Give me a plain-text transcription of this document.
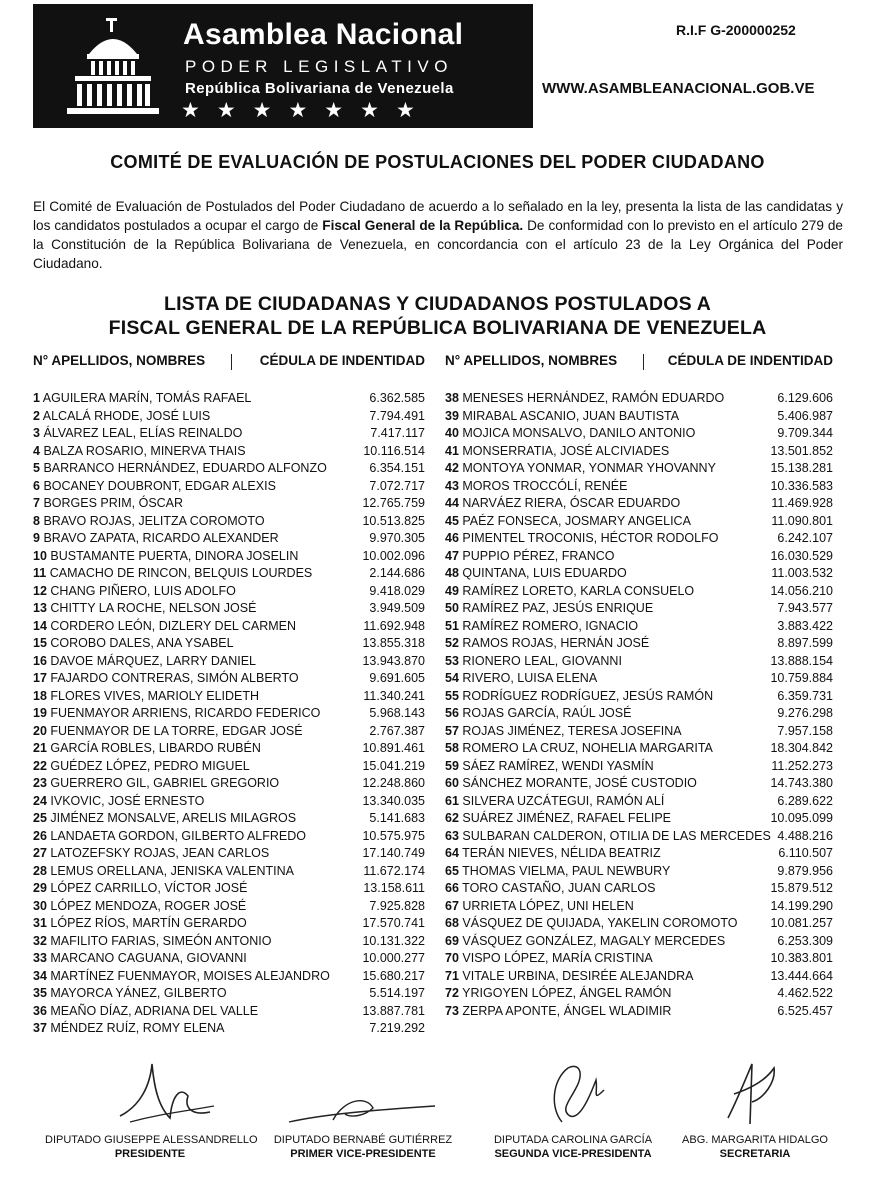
Asamblea Nacional
PODER LEGISLATIVO
República Bolivariana de Venezuela
★★★★★★★
R.I.F G-200000252
WWW.ASAMBLEANACIONAL.GOB.VE
COMITÉ DE EVALUACIÓN DE POSTULACIONES DEL PODER CIUDADANO

El Comité de Evaluación de Postulados del Poder Ciudadano de acuerdo a lo señalado en la ley, presenta la lista de las candidatas y los candidatos postulados a ocupar el cargo de Fiscal General de la República. De conformidad con lo previsto en el artículo 279 de la Constitución de la República Bolivariana de Venezuela, en concordancia con el artículo 23 de la Ley Orgánica del Poder Ciudadano.

LISTA DE CIUDADANAS Y CIUDADANOS POSTULADOS A
FISCAL GENERAL DE LA REPÚBLICA BOLIVARIANA DE VENEZUELA
N° APELLIDOS, NOMBRES	CÉDULA DE INDENTIDAD N° APELLIDOS, NOMBRES	CÉDULA DE INDENTIDAD
1 AGUILERA MARÍN, TOMÁS RAFAEL	6.362.585
2 ALCALÁ RHODE, JOSÉ LUIS	7.794.491
3 ÁLVAREZ LEAL, ELÍAS REINALDO	7.417.117
4 BALZA ROSARIO, MINERVA THAIS	10.116.514
5 BARRANCO HERNÁNDEZ, EDUARDO ALFONZO	6.354.151
6 BOCANEY DOUBRONT, EDGAR ALEXIS	7.072.717
7 BORGES PRIM, ÓSCAR	12.765.759
8 BRAVO ROJAS, JELITZA COROMOTO	10.513.825
9 BRAVO ZAPATA, RICARDO ALEXANDER	9.970.305
10 BUSTAMANTE PUERTA, DINORA JOSELIN	10.002.096
11 CAMACHO DE RINCON, BELQUIS LOURDES	2.144.686
12 CHANG PIÑERO, LUIS ADOLFO	9.418.029
13 CHITTY LA ROCHE, NELSON JOSÉ	3.949.509
14 CORDERO LEÓN, DIZLERY DEL CARMEN	11.692.948
15 COROBO DALES, ANA YSABEL	13.855.318
16 DAVOE MÁRQUEZ, LARRY DANIEL	13.943.870
17 FAJARDO CONTRERAS, SIMÓN ALBERTO	9.691.605
18 FLORES VIVES, MARIOLY ELIDETH	11.340.241
19 FUENMAYOR ARRIENS, RICARDO FEDERICO	5.968.143
20 FUENMAYOR DE LA TORRE, EDGAR JOSÉ	2.767.387
21 GARCÍA ROBLES, LIBARDO RUBÉN	10.891.461
22 GUÉDEZ LÓPEZ, PEDRO MIGUEL	15.041.219
23 GUERRERO GIL, GABRIEL GREGORIO	12.248.860
24 IVKOVIC, JOSÉ ERNESTO	13.340.035
25 JIMÉNEZ MONSALVE, ARELIS MILAGROS	5.141.683
26 LANDAETA GORDON, GILBERTO ALFREDO	10.575.975
27 LATOZEFSKY ROJAS, JEAN CARLOS	17.140.749
28 LEMUS ORELLANA, JENISKA VALENTINA	11.672.174
29 LÓPEZ CARRILLO, VÍCTOR JOSÉ	13.158.611
30 LÓPEZ MENDOZA, ROGER JOSÉ	7.925.828
31 LÓPEZ RÍOS, MARTÍN GERARDO	17.570.741
32 MAFILITO FARIAS, SIMEÓN ANTONIO	10.131.322
33 MARCANO CAGUANA, GIOVANNI	10.000.277
34 MARTÍNEZ FUENMAYOR, MOISES ALEJANDRO	15.680.217
35 MAYORCA YÁNEZ, GILBERTO	5.514.197
36 MEAÑO DÍAZ, ADRIANA DEL VALLE	13.887.781
37 MÉNDEZ RUÍZ, ROMY ELENA	7.219.292
38 MENESES HERNÁNDEZ, RAMÓN EDUARDO	6.129.606
39 MIRABAL ASCANIO, JUAN BAUTISTA	5.406.987
40 MOJICA MONSALVO, DANILO ANTONIO	9.709.344
41 MONSERRATIA, JOSÉ ALCIVIADES	13.501.852
42 MONTOYA YONMAR, YONMAR YHOVANNY	15.138.281
43 MOROS TROCCÓLÍ, RENÉE	10.336.583
44 NARVÁEZ RIERA, ÓSCAR EDUARDO	11.469.928
45 PAÉZ FONSECA, JOSMARY ANGELICA	11.090.801
46 PIMENTEL TROCONIS, HÉCTOR RODOLFO	6.242.107
47 PUPPIO PÉREZ, FRANCO	16.030.529
48 QUINTANA, LUIS EDUARDO	11.003.532
49 RAMÍREZ LORETO, KARLA CONSUELO	14.056.210
50 RAMÍREZ PAZ, JESÚS ENRIQUE	7.943.577
51 RAMÍREZ ROMERO, IGNACIO	3.883.422
52 RAMOS ROJAS, HERNÁN JOSÉ	8.897.599
53 RIONERO LEAL, GIOVANNI	13.888.154
54 RIVERO, LUISA ELENA	10.759.884
55 RODRÍGUEZ RODRÍGUEZ, JESÚS RAMÓN	6.359.731
56 ROJAS GARCÍA, RAÚL JOSÉ	9.276.298
57 ROJAS JIMÉNEZ, TERESA JOSEFINA	7.957.158
58 ROMERO LA CRUZ, NOHELIA MARGARITA	18.304.842
59 SÁEZ RAMÍREZ, WENDI YASMÍN	11.252.273
60 SÁNCHEZ MORANTE, JOSÉ CUSTODIO	14.743.380
61 SILVERA UZCÁTEGUI, RAMÓN ALÍ	6.289.622
62 SUÁREZ JIMÉNEZ, RAFAEL FELIPE	10.095.099
63 SULBARAN CALDERON, OTILIA DE LAS MERCEDES 4.488.216
64 TERÁN NIEVES, NÉLIDA BEATRIZ	6.110.507
65 THOMAS VIELMA, PAUL NEWBURY	9.879.956
66 TORO CASTAÑO, JUAN CARLOS	15.879.512
67 URRIETA LÓPEZ, UNI HELEN	14.199.290
68 VÁSQUEZ DE QUIJADA, YAKELIN COROMOTO	10.081.257
69 VÁSQUEZ GONZÁLEZ, MAGALY MERCEDES	6.253.309
70 VISPO LÓPEZ, MARÍA CRISTINA	10.383.801
71 VITALE URBINA, DESIRÉE ALEJANDRA	13.444.664
72 YRIGOYEN LÓPEZ, ÁNGEL RAMÓN	4.462.522
73 ZERPA APONTE, ÁNGEL WLADIMIR	6.525.457
DIPUTADO GIUSEPPE ALESSANDRELLO
PRESIDENTE
DIPUTADO BERNABÉ GUTIÉRREZ
PRIMER VICE-PRESIDENTE
DIPUTADA CAROLINA GARCÍA
SEGUNDA VICE-PRESIDENTA
ABG. MARGARITA HIDALGO
SECRETARIA
